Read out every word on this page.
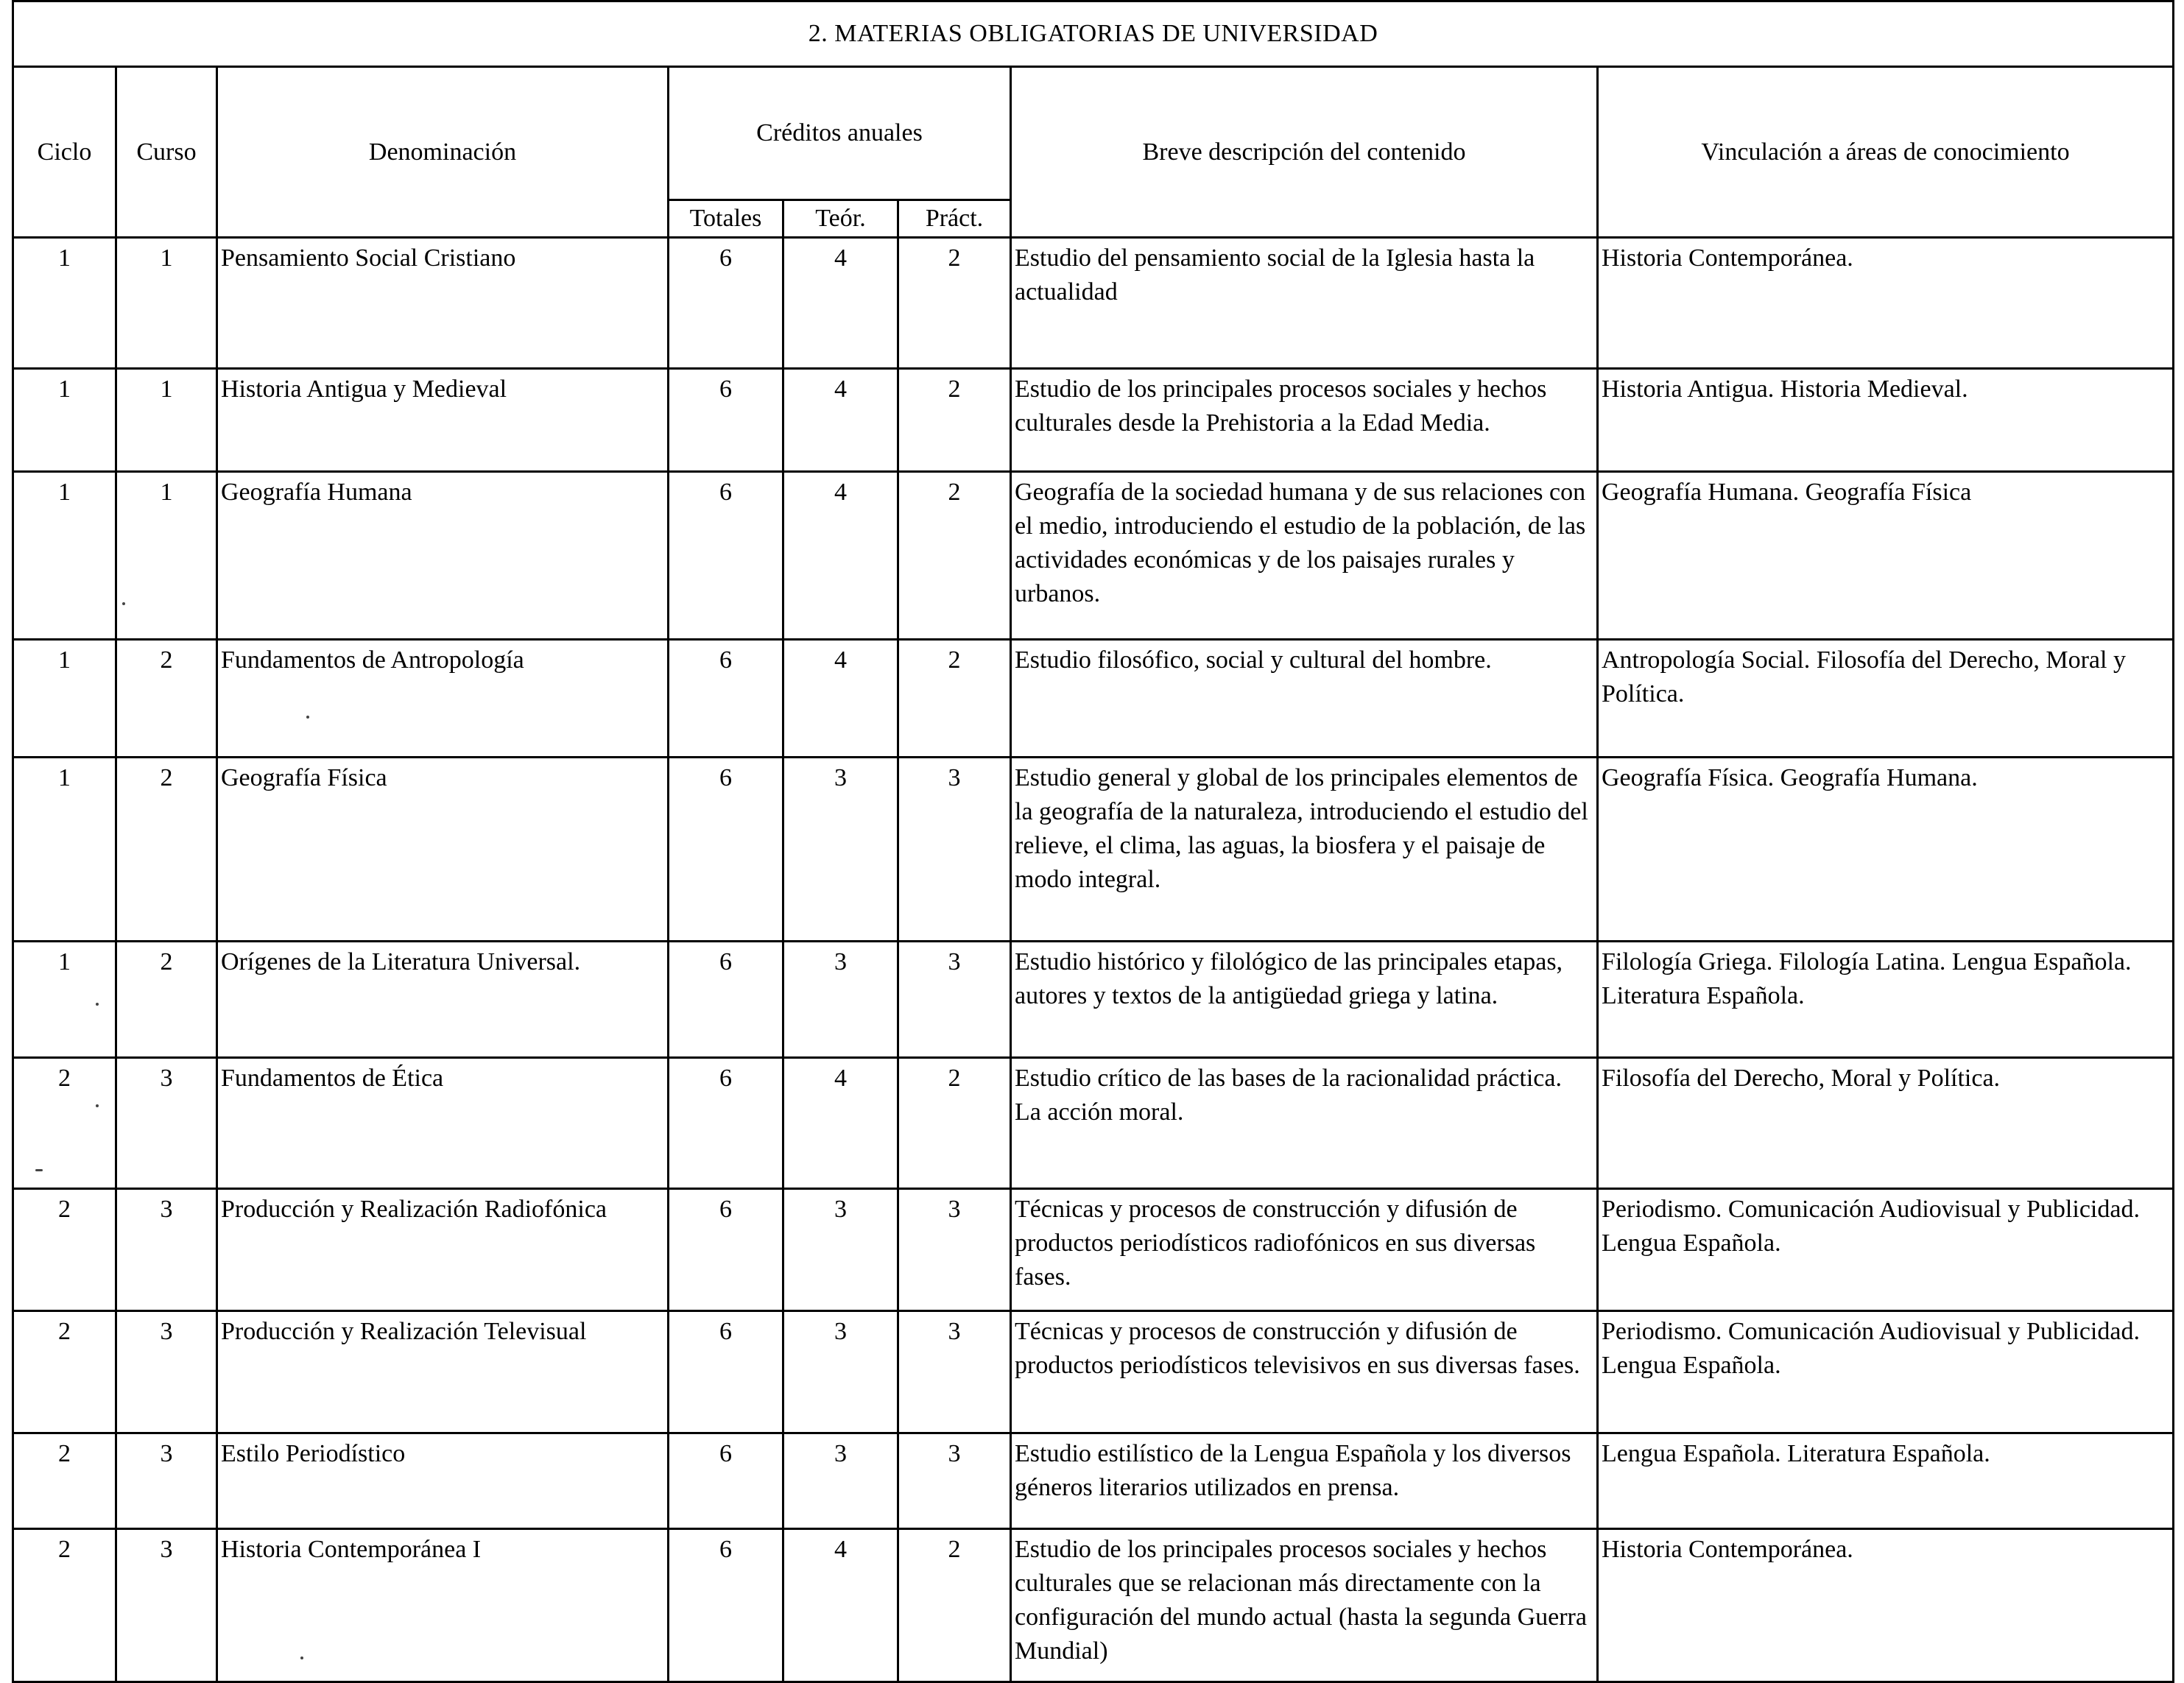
2. MATERIAS OBLIGATORIAS DE UNIVERSIDAD							
Ciclo	Curso	Denominación	Créditos anuales			Breve descripción del contenido	Vinculación a áreas de conocimiento
			Totales	Teór.	Práct.		
1	1	Pensamiento Social Cristiano	6	4	2	Estudio del pensamiento social de la Iglesia hasta la actualidad	Historia Contemporánea.
1	1	Historia Antigua y Medieval	6	4	2	Estudio de los principales procesos sociales y hechos culturales desde la Prehistoria a la Edad Media.	Historia Antigua. Historia Medieval.
1	1	Geografía Humana	6	4	2	Geografía de la sociedad humana y de sus relaciones con el medio, introduciendo el estudio de la población, de las actividades económicas y de los paisajes rurales y urbanos.	Geografía Humana. Geografía Física
1	2	Fundamentos de Antropología	6	4	2	Estudio filosófico, social y cultural del hombre.	Antropología Social. Filosofía del Derecho, Moral y Política.
1	2	Geografía Física	6	3	3	Estudio general y global de los principales elementos de la geografía de la naturaleza, introduciendo el estudio del relieve, el clima, las aguas, la biosfera y el paisaje de modo integral.	Geografía Física. Geografía Humana.
1	2	Orígenes de la Literatura Universal.	6	3	3	Estudio histórico y filológico de las principales etapas, autores y textos de la antigüedad griega y latina.	Filología Griega. Filología Latina. Lengua Española. Literatura Española.
2	3	Fundamentos de Ética	6	4	2	Estudio crítico de las bases de la racionalidad práctica. La acción moral.	Filosofía del Derecho, Moral y Política.
2	3	Producción y Realización Radiofónica	6	3	3	Técnicas y procesos de construcción y difusión de productos periodísticos radiofónicos en sus diversas fases.	Periodismo. Comunicación Audiovisual y Publicidad. Lengua Española.
2	3	Producción y Realización Televisual	6	3	3	Técnicas y procesos de construcción y difusión de productos periodísticos televisivos en sus diversas fases.	Periodismo. Comunicación Audiovisual y Publicidad. Lengua Española.
2	3	Estilo Periodístico	6	3	3	Estudio estilístico de la Lengua Española y los diversos géneros literarios utilizados en prensa.	Lengua Española. Literatura Española.
2	3	Historia Contemporánea I	6	4	2	Estudio de los principales procesos sociales y hechos culturales que se relacionan más directamente con la configuración del mundo actual (hasta la segunda Guerra Mundial)	Historia Contemporánea.
